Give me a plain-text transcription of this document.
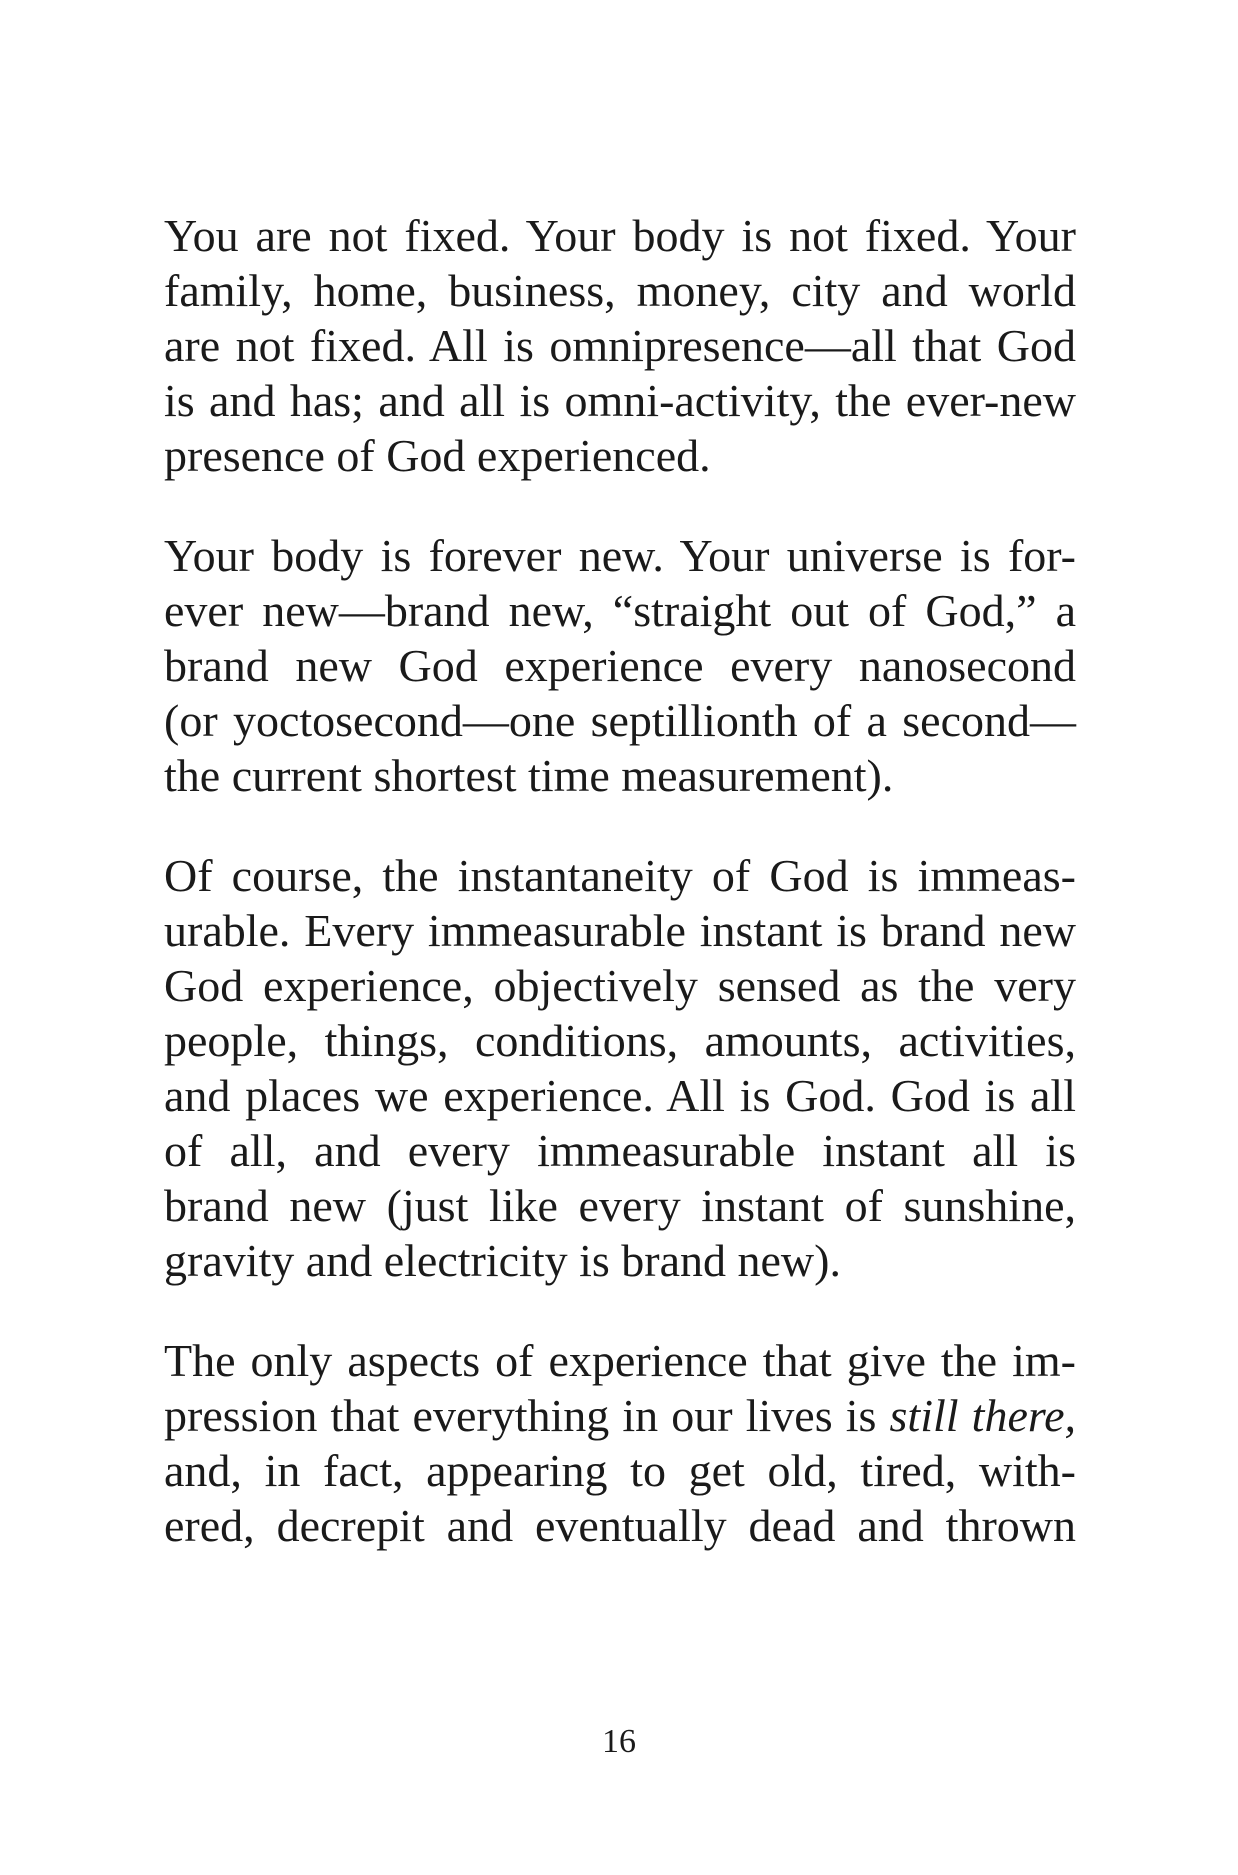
You are not fixed. Your body is not fixed. Your
family, home, business, money, city and world
are not fixed. All is omnipresence—all that God
is and has; and all is omni-activity, the ever-new
presence of God experienced.

Your body is forever new. Your universe is for-
ever new—brand new, “straight out of God,” a
brand new God experience every nanosecond
(or yoctosecond—one septillionth of a second—
the current shortest time measurement).

Of course, the instantaneity of God is immeas-
urable. Every immeasurable instant is brand new
God experience, objectively sensed as the very
people, things, conditions, amounts, activities,
and places we experience. All is God. God is all
of all, and every immeasurable instant all is
brand new (just like every instant of sunshine,
gravity and electricity is brand new).

The only aspects of experience that give the im-
pression that everything in our lives is still there,
and, in fact, appearing to get old, tired, with-
ered, decrepit and eventually dead and thrown

16
